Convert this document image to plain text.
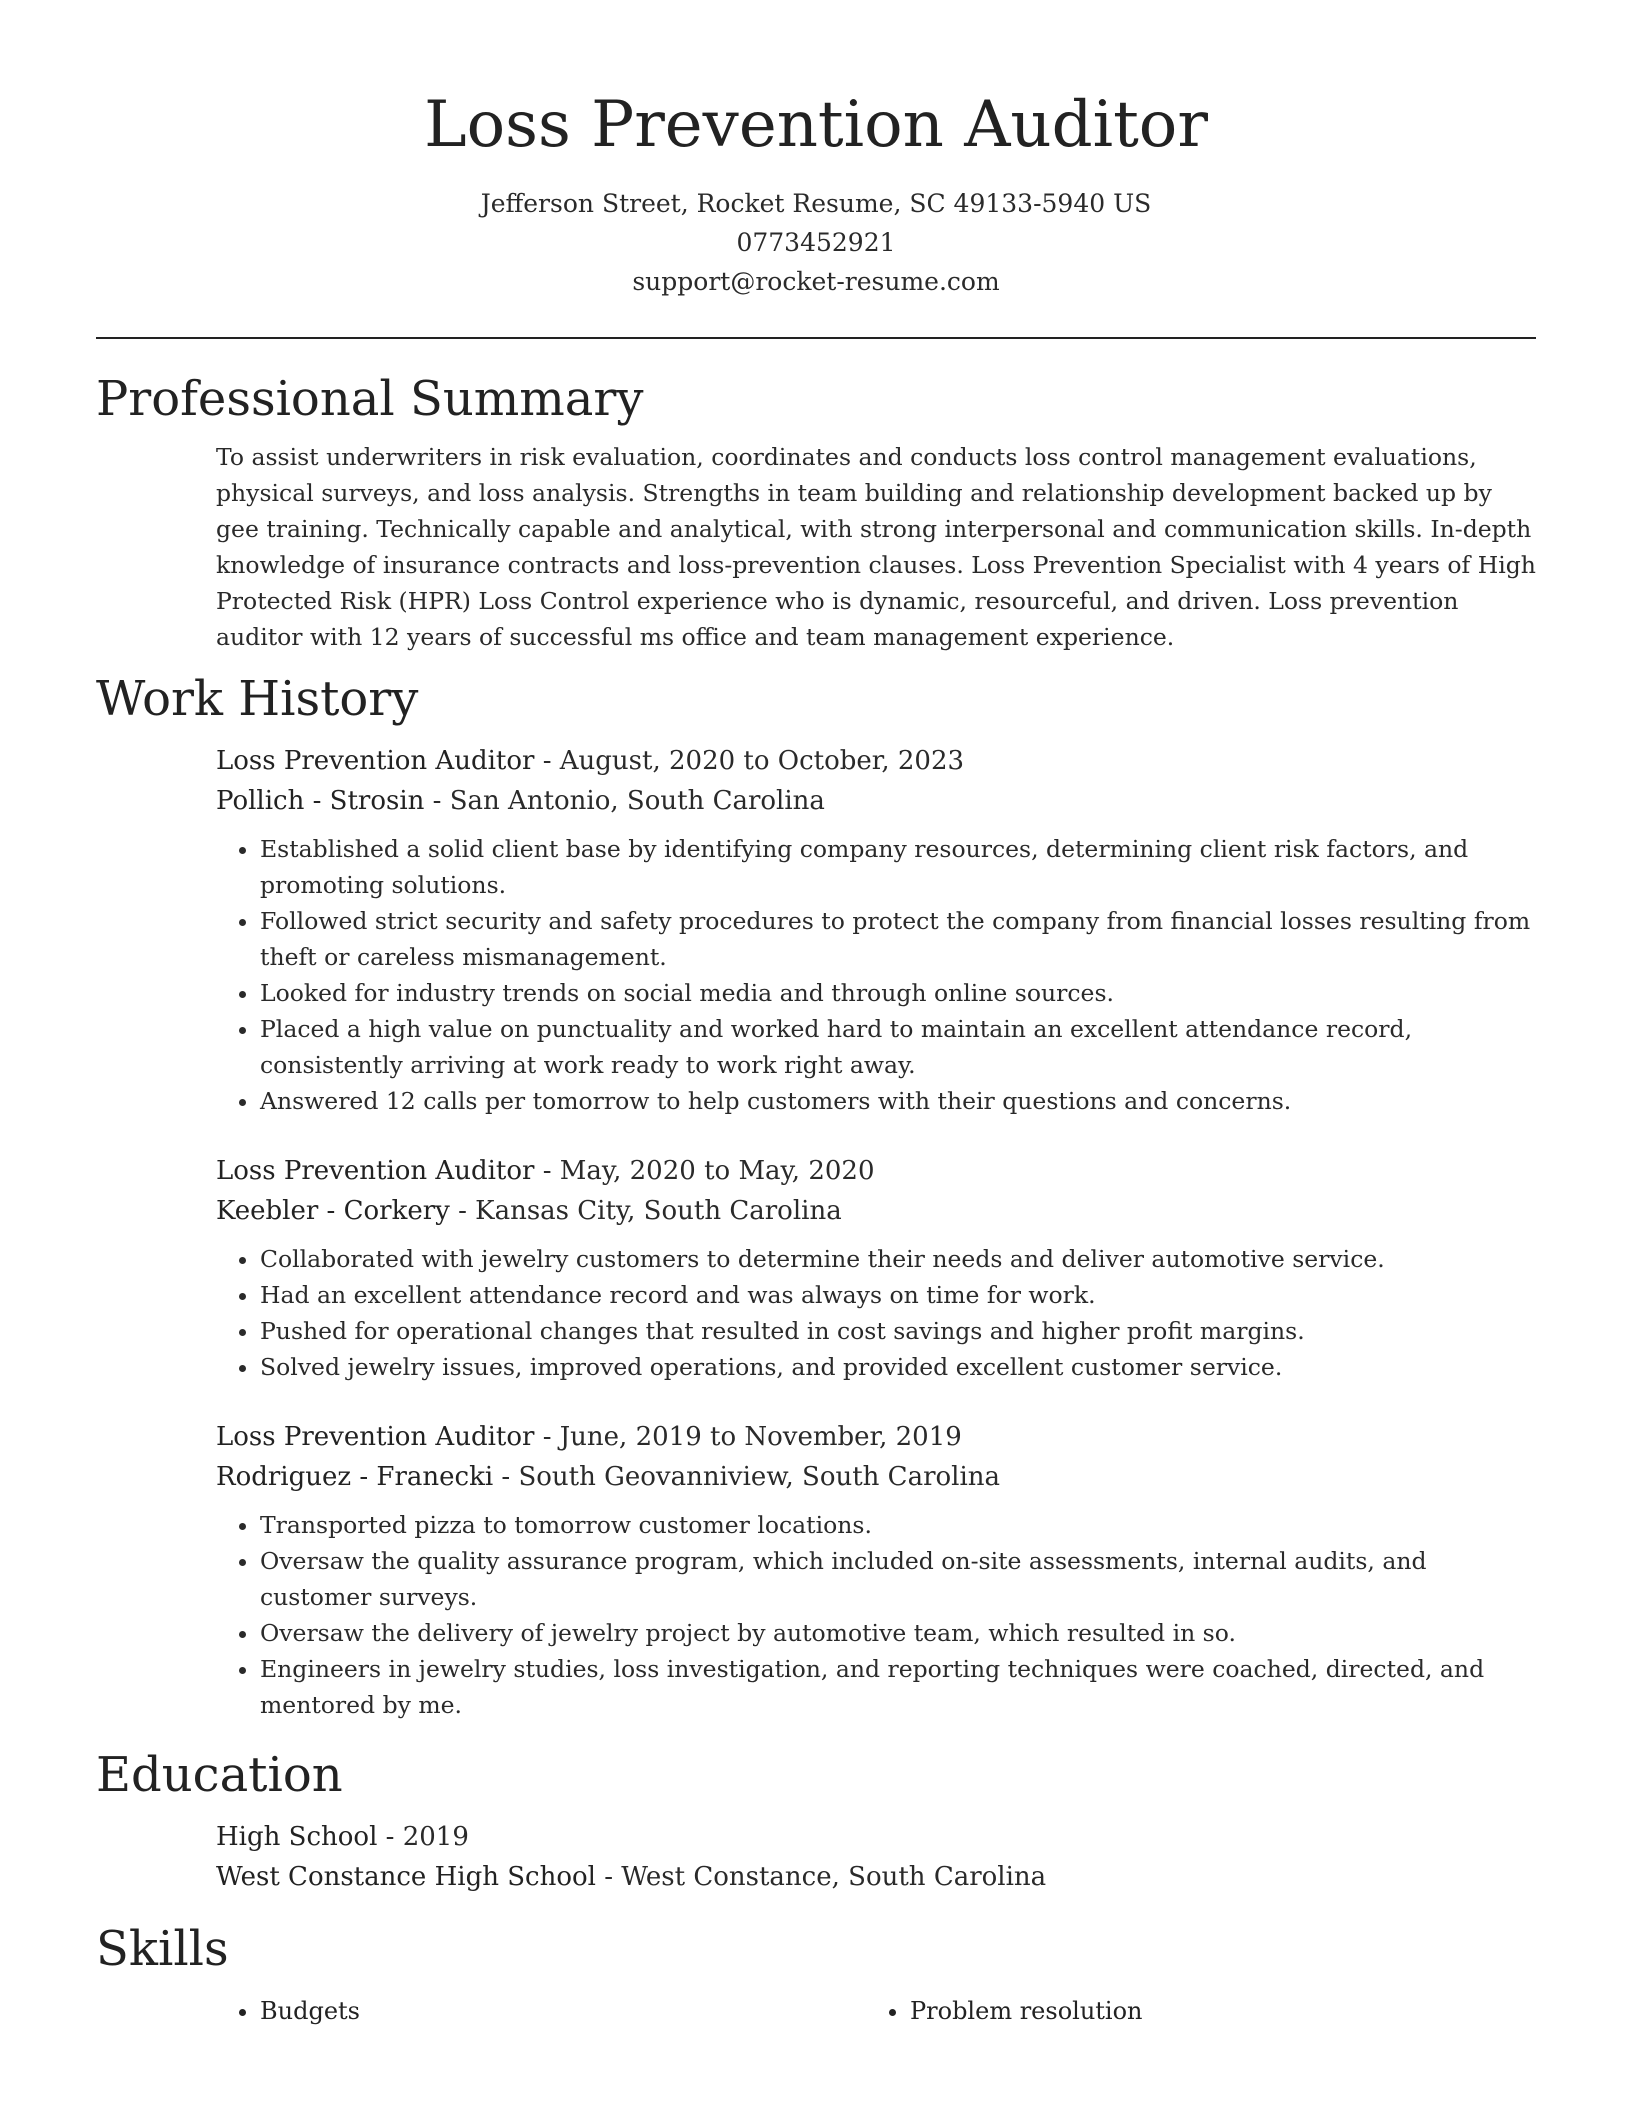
Loss Prevention Auditor
Jefferson Street, Rocket Resume, SC 49133-5940 US
0773452921
support@rocket-resume.com
Professional Summary

To assist underwriters in risk evaluation, coordinates and conducts loss control management evaluations, physical surveys, and loss analysis. Strengths in team building and relationship development backed up by gee training. Technically capable and analytical, with strong interpersonal and communication skills. In-depth knowledge of insurance contracts and loss-prevention clauses. Loss Prevention Specialist with 4 years of High Protected Risk (HPR) Loss Control experience who is dynamic, resourceful, and driven. Loss prevention auditor with 12 years of successful ms office and team management experience.

Work History
Loss Prevention Auditor - August, 2020 to October, 2023
Pollich - Strosin - San Antonio, South Carolina
• Established a solid client base by identifying company resources, determining client risk factors, and promoting solutions.
• Followed strict security and safety procedures to protect the company from financial losses resulting from theft or careless mismanagement.
• Looked for industry trends on social media and through online sources.
• Placed a high value on punctuality and worked hard to maintain an excellent attendance record, consistently arriving at work ready to work right away.
• Answered 12 calls per tomorrow to help customers with their questions and concerns.
Loss Prevention Auditor - May, 2020 to May, 2020
Keebler - Corkery - Kansas City, South Carolina
• Collaborated with jewelry customers to determine their needs and deliver automotive service.
• Had an excellent attendance record and was always on time for work.
• Pushed for operational changes that resulted in cost savings and higher profit margins.
• Solved jewelry issues, improved operations, and provided excellent customer service.
Loss Prevention Auditor - June, 2019 to November, 2019
Rodriguez - Franecki - South Geovanniview, South Carolina
• Transported pizza to tomorrow customer locations.
• Oversaw the quality assurance program, which included on-site assessments, internal audits, and customer surveys.
• Oversaw the delivery of jewelry project by automotive team, which resulted in so.
• Engineers in jewelry studies, loss investigation, and reporting techniques were coached, directed, and mentored by me.
Education
High School - 2019
West Constance High School - West Constance, South Carolina
Skills
• Budgets
•	Problem resolution
